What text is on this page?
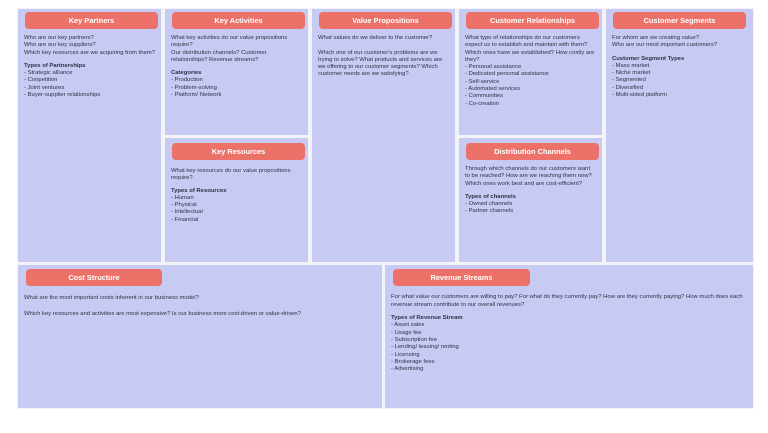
Key Partners

Who are our key partners?
Who are our key suppliers?
Which key resources are we acquiring from them?

Types of Partnerships
- Strategic alliance
- Coopetition
- Joint ventures
- Buyer-supplier relationships
Key Activities

What key activities do our value propositions require?
Our distribution channels? Customer relationships? Revenue streams?

Categories
- Production
- Problem-solving
- Platform/ Network
Key Resources

What key resources do our value propositions require?

Types of Resources
- Human
- Physical
- Intellectual
- Financial
Value Propositions

What values do we deliver to the customer?

Which one of our customer's problems are we trying to solve? What products and services are we offering to our customer segments? Which customer needs are we satisfying?

Customer Relationships

What type of relationships do our customers expect us to establish and maintain with them? Which ones have we established? How costly are they?

- Personal assistance
- Dedicated personal assistance
- Self-service
- Automated services
- Communities
- Co-creation
Distribution Channels

Through which channels do our customers want to be reached? How are we reaching them now? Which ones work best and are cost-efficient?

Types of channels
- Owned channels
- Partner channels
Customer Segments

For whom are we creating value?
Who are our most important customers?

Customer Segment Types
- Mass market
- Niche market
- Segmented
- Diversified
- Multi-sided platform
Cost Structure

What are the most important costs inherent in our business model?

Which key resources and activities are most expensive? Is our business more cost-driven or value-driven?

Revenue Streams

For what value our customers are willing to pay? For what do they currently pay? How are they currently paying? How much does each revenue stream contribute to our overall revenues?

Types of Revenue Stream
- Asset sales
- Usage fee
- Subscription fee
- Lending/ leasing/ renting
- Licensing
- Brokerage fees
- Advertising
